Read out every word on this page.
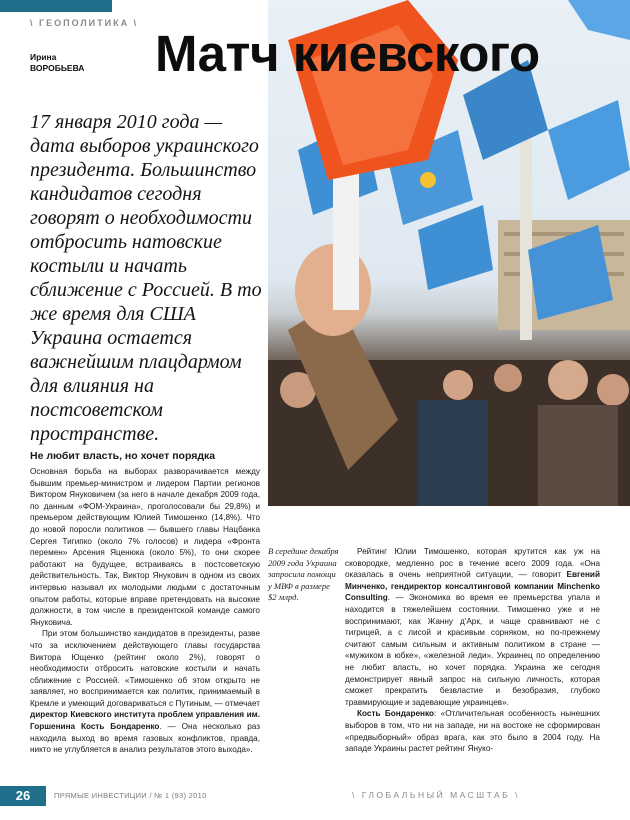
\ ГЕОПОЛИТИКА \
Ирина
ВОРОБЬЕВА Матч киевского
17 января 2010 года — дата выборов украинского президента. Большинство кандидатов сегодня говорят о необходимости отбросить натовские костыли и начать сближение с Россией. В то же время для США Украина остается важнейшим плацдармом для влияния на постсоветском пространстве.
Не любит власть, но хочет порядка

Основная борьба на выборах разворачивается между бывшим премьер-министром и лидером Партии регионов Виктором Януковичем (за него в начале декабря 2009 года, по данным «ФОМ-Украина», проголосовали бы 29,8%) и премьером действующим Юлией Тимошенко (14,8%). Что до новой поросли политиков — бывшего главы Нацбанка Сергея Тигипко (около 7% голосов) и лидера «Фронта перемен» Арсения Яценюка (около 5%), то они скорее работают на будущее, встраиваясь в постсоветскую действительность. Так, Виктор Янукович в одном из своих интервью называл их молодыми людьми с достаточным опытом работы, которые вправе претендовать на высокие должности, в том числе в президентской команде самого Януковича.

При этом большинство кандидатов в президенты, разве что за исключением действующего главы государства Виктора Ющенко (рейтинг около 2%), говорят о необходимости отбросить натовские костыли и начать сближение с Россией. «Тимошенко об этом открыто не заявляет, но воспринимается как политик, принимаемый в Кремле и умеющий договариваться с Путиным, — отмечает директор Киевского института проблем управления им. Горшенина Кость Бондаренко. — Она несколько раз находила выход во время газовых конфликтов, правда, никто не углубляется в анализ результатов этого выхода».

В середине декабря 2009 года Украина запросила помощи у МВФ в размере $2 млрд.

Рейтинг Юлии Тимошенко, которая крутится как уж на сковородке, медленно рос в течение всего 2009 года. «Она оказалась в очень неприятной ситуации, — говорит Евгений Минченко, гендиректор консалтинговой компании Minchenko Consulting. — Экономика во время ее премьерства упала и находится в тяжелейшем состоянии. Тимошенко уже и не воспринимают, как Жанну д'Арк, и чаще сравнивают не с тигрицей, а с лисой и красивым сорняком, но по-прежнему считают самым сильным и активным политиком в стране — «мужиком в юбке», «железной леди». Украинец по определению не любит власть, но хочет порядка. Украина же сегодня демонстрирует явный запрос на сильную личность, которая сможет прекратить безвластие и безобразия, глубоко травмирующие и задевающие украинцев».

Кость Бондаренко: «Отличительная особенность нынешних выборов в том, что ни на западе, ни на востоке не сформирован «предвыборный» образ врага, как это было в 2004 году. На западе Украины растет рейтинг Януко-

26	ПРЯМЫЕ ИНВЕСТИЦИИ / № 1 (93) 2010	\ ГЛОБАЛЬНЫЙ МАСШТАБ \
